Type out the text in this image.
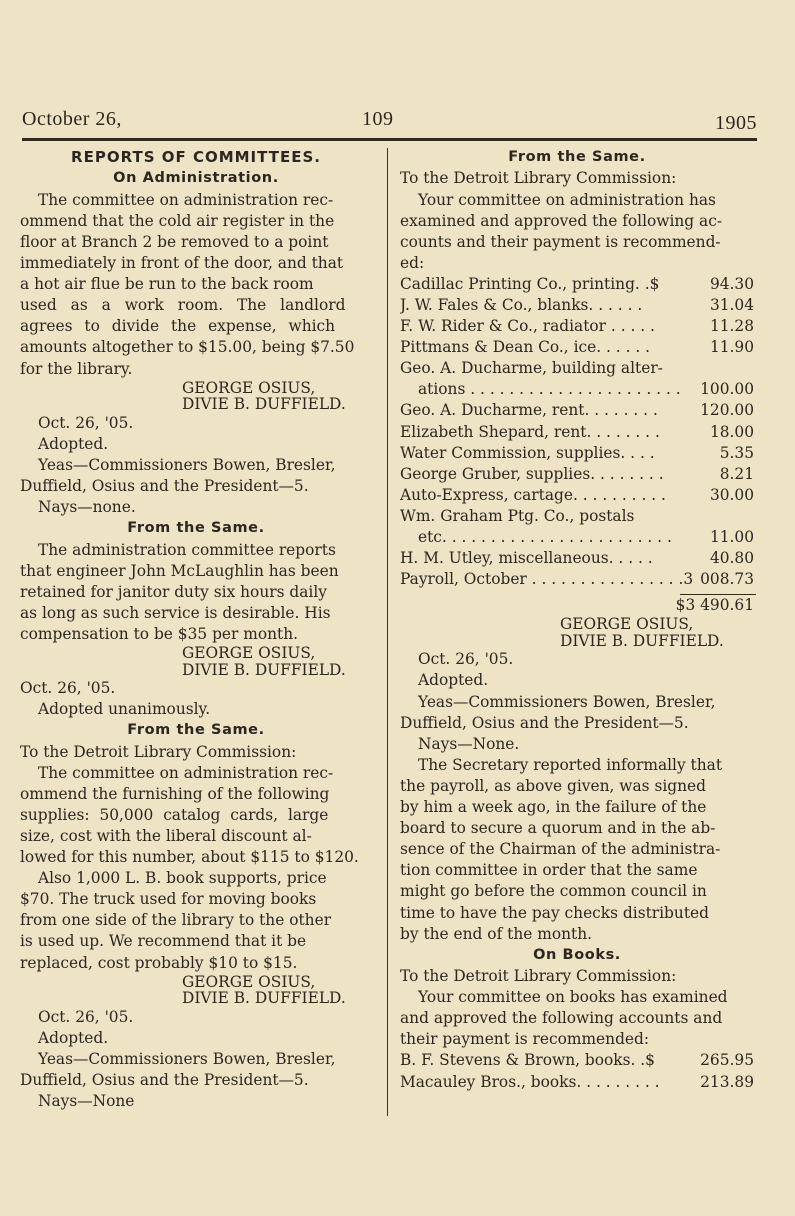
October 26,	109	1905
REPORTS OF COMMITTEES.
On Administration.
The committee on administration rec-
ommend that the cold air register in the
floor at Branch 2 be removed to a point
immediately in front of the door, and that
a hot air flue be run to the back room
used as a work room. The landlord
agrees to divide the expense, which
amounts altogether to $15.00, being $7.50
for the library.
GEORGE OSIUS,
DIVIE B. DUFFIELD.
Oct. 26, '05.
Adopted.
Yeas—Commissioners Bowen, Bresler,
Duffield, Osius and the President—5.
Nays—none.
From the Same.
The administration committee reports
that engineer John McLaughlin has been
retained for janitor duty six hours daily
as long as such service is desirable. His
compensation to be $35 per month.
GEORGE OSIUS,
DIVIE B. DUFFIELD.
Oct. 26, '05.
Adopted unanimously.
From the Same.
To the Detroit Library Commission:
The committee on administration rec-
ommend the furnishing of the following
supplies: 50,000 catalog cards, large
size, cost with the liberal discount al-
lowed for this number, about $115 to $120.
Also 1,000 L. B. book supports, price
$70. The truck used for moving books
from one side of the library to the other
is used up. We recommend that it be
replaced, cost probably $10 to $15.
GEORGE OSIUS,
DIVIE B. DUFFIELD.
Oct. 26, '05.
Adopted.
Yeas—Commissioners Bowen, Bresler,
Duffield, Osius and the President—5.
Nays—None
From the Same.
To the Detroit Library Commission:
Your committee on administration has
examined and approved the following ac-
counts and their payment is recommend-
ed:
Cadillac Printing Co., printing. .$	94.30
J. W. Fales & Co., blanks. . . . . .	31.04
F. W. Rider & Co., radiator . . . . .	11.28
Pittmans & Dean Co., ice. . . . . .	11.90
Geo. A. Ducharme, building alter-
ations . . . . . . . . . . . . . . . . . . . . . . 100.00
Geo. A. Ducharme, rent. . . . . . . .	120.00
Elizabeth Shepard, rent. . . . . . . .	18.00
Water Commission, supplies. . . .	5.35
George Gruber, supplies. . . . . . . .	8.21
Auto-Express, cartage. . . . . . . . . .	30.00
Wm. Graham Ptg. Co., postals
etc. . . . . . . . . . . . . . . . . . . . . . . . 11.00
H. M. Utley, miscellaneous. . . . .	40.80
Payroll, October . . . . . . . . . . . . . . . .3 008.73
$3 490.61
GEORGE OSIUS,
DIVIE B. DUFFIELD.
Oct. 26, '05.
Adopted.
Yeas—Commissioners Bowen, Bresler,
Duffield, Osius and the President—5.
Nays—None.
The Secretary reported informally that
the payroll, as above given, was signed
by him a week ago, in the failure of the
board to secure a quorum and in the ab-
sence of the Chairman of the administra-
tion committee in order that the same
might go before the common council in
time to have the pay checks distributed
by the end of the month.
On Books.
To the Detroit Library Commission:
Your committee on books has examined
and approved the following accounts and
their payment is recommended:
B. F. Stevens & Brown, books. .$	265.95
Macauley Bros., books. . . . . . . . .	213.89
